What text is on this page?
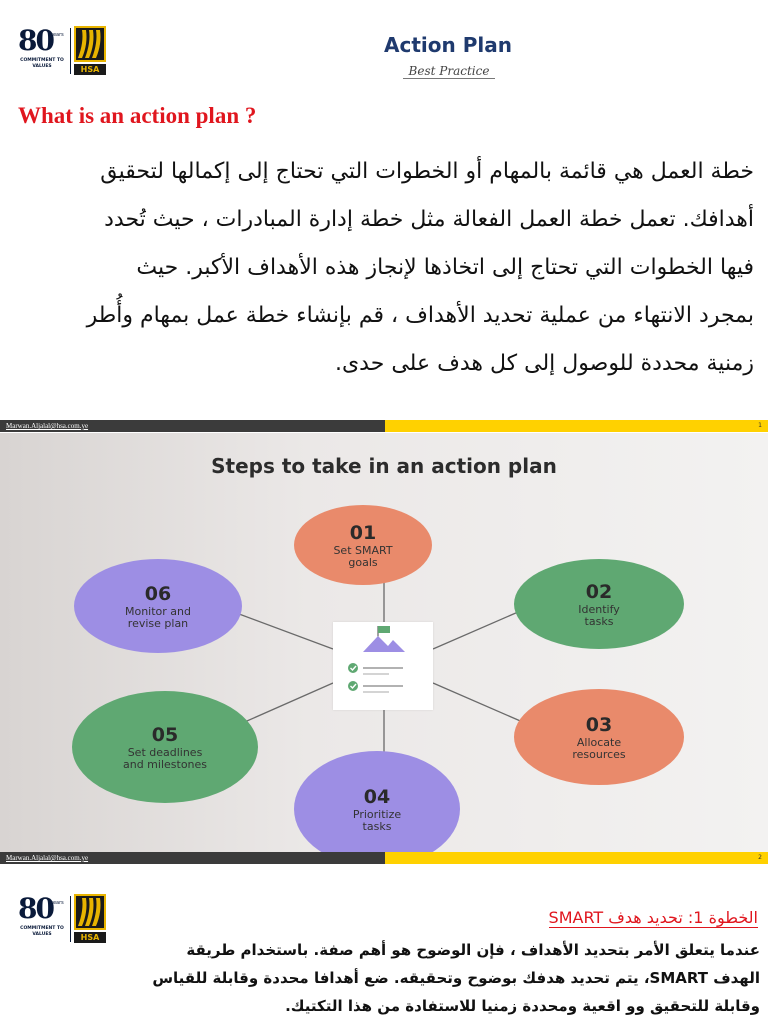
80
years
COMMITMENT TO VALUES	HSA
Action Plan
Best Practice
What is an action plan ?

خطة العمل هي قائمة بالمهام أو الخطوات التي تحتاج إلى إكمالها لتحقيق

أهدافك. تعمل خطة العمل الفعالة مثل خطة إدارة المبادرات ، حيث تُحدد

فيها الخطوات التي تحتاج إلى اتخاذها لإنجاز هذه الأهداف الأكبر. حيث

بمجرد الانتهاء من عملية تحديد الأهداف ، قم بإنشاء خطة عمل بمهام وأُطر

زمنية محددة للوصول إلى كل هدف على حدى.

Marwan.Aljalal@hsa.com.ye	1
Steps to take in an action plan
01
Set SMART
goals
02
Identify
tasks
03
Allocate
resources
04
Prioritize
tasks
05
Set deadlines
and milestones
06
Monitor and
revise plan
Marwan.Aljalal@hsa.com.ye	2
80
years
COMMITMENT TO VALUES	HSA
الخطوة 1: تحديد هدف SMART

عندما يتعلق الأمر بتحديد الأهداف ، فإن الوضوح هو أهم صفة. باستخدام طريقة

الهدف SMART، يتم تحديد هدفك بوضوح وتحقيقه. ضع أهدافا محددة وقابلة للقياس

وقابلة للتحقيق وو اقعية ومحددة زمنيا للاستفادة من هذا التكتيك.
